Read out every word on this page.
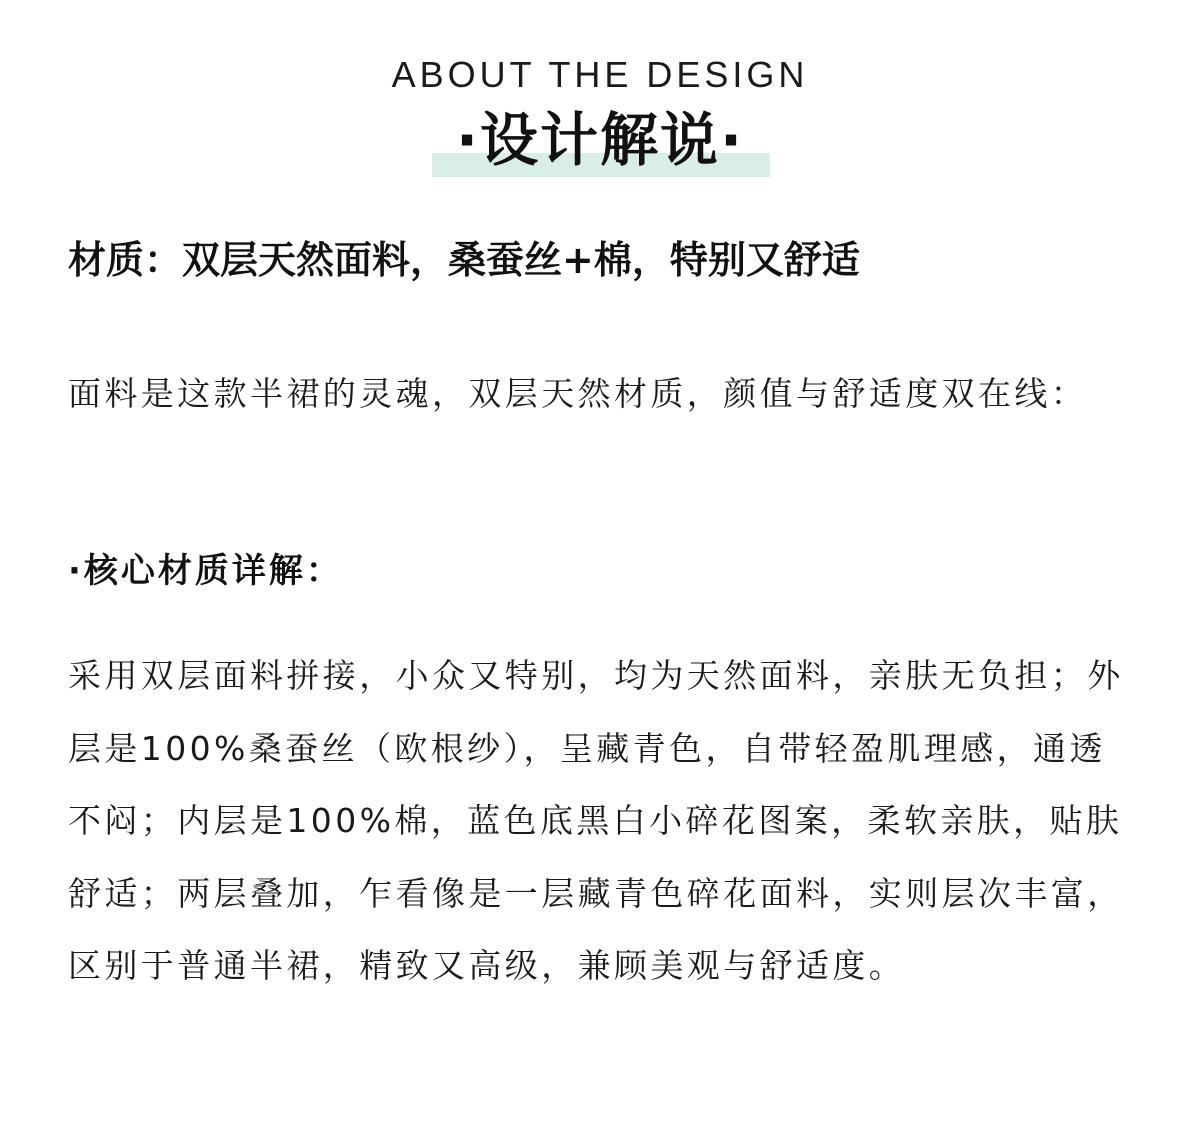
ABOUT THE DESIGN
·设计解说·
材质：双层天然面料，桑蚕丝+棉，特别又舒适

面料是这款半裙的灵魂，双层天然材质，颜值与舒适度双在线：

·核心材质详解：

采用双层面料拼接，小众又特别，均为天然面料，亲肤无负担；外层是100%桑蚕丝（欧根纱），呈藏青色，自带轻盈肌理感，通透不闷；内层是100%棉，蓝色底黑白小碎花图案，柔软亲肤，贴肤舒适；两层叠加，乍看像是一层藏青色碎花面料，实则层次丰富，区别于普通半裙，精致又高级，兼顾美观与舒适度。
